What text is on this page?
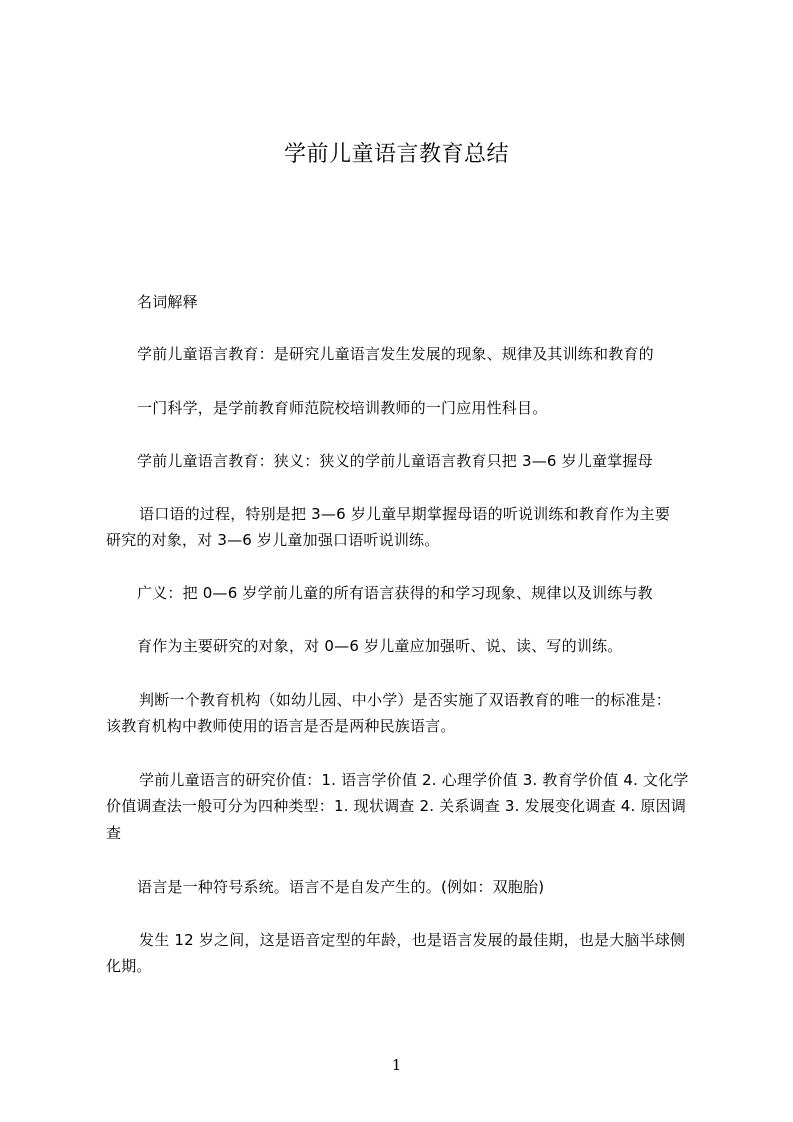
学前儿童语言教育总结
名词解释
学前儿童语言教育：是研究儿童语言发生发展的现象、规律及其训练和教育的
一门科学，是学前教育师范院校培训教师的一门应用性科目。
学前儿童语言教育：狭义：狭义的学前儿童语言教育只把 3—6 岁儿童掌握母
语口语的过程，特别是把 3—6 岁儿童早期掌握母语的听说训练和教育作为主要
研究的对象，对 3—6 岁儿童加强口语听说训练。
广义：把 0—6 岁学前儿童的所有语言获得的和学习现象、规律以及训练与教
育作为主要研究的对象，对 0—6 岁儿童应加强听、说、读、写的训练。
判断一个教育机构（如幼儿园、中小学）是否实施了双语教育的唯一的标准是：
该教育机构中教师使用的语言是否是两种民族语言。
学前儿童语言的研究价值：1. 语言学价值 2. 心理学价值 3. 教育学价值 4. 文化学
价值调查法一般可分为四种类型：1. 现状调查 2. 关系调查 3. 发展变化调查 4. 原因调
查
语言是一种符号系统。语言不是自发产生的。(例如：双胞胎)
发生 12 岁之间，这是语音定型的年龄，也是语言发展的最佳期，也是大脑半球侧
化期。
1
